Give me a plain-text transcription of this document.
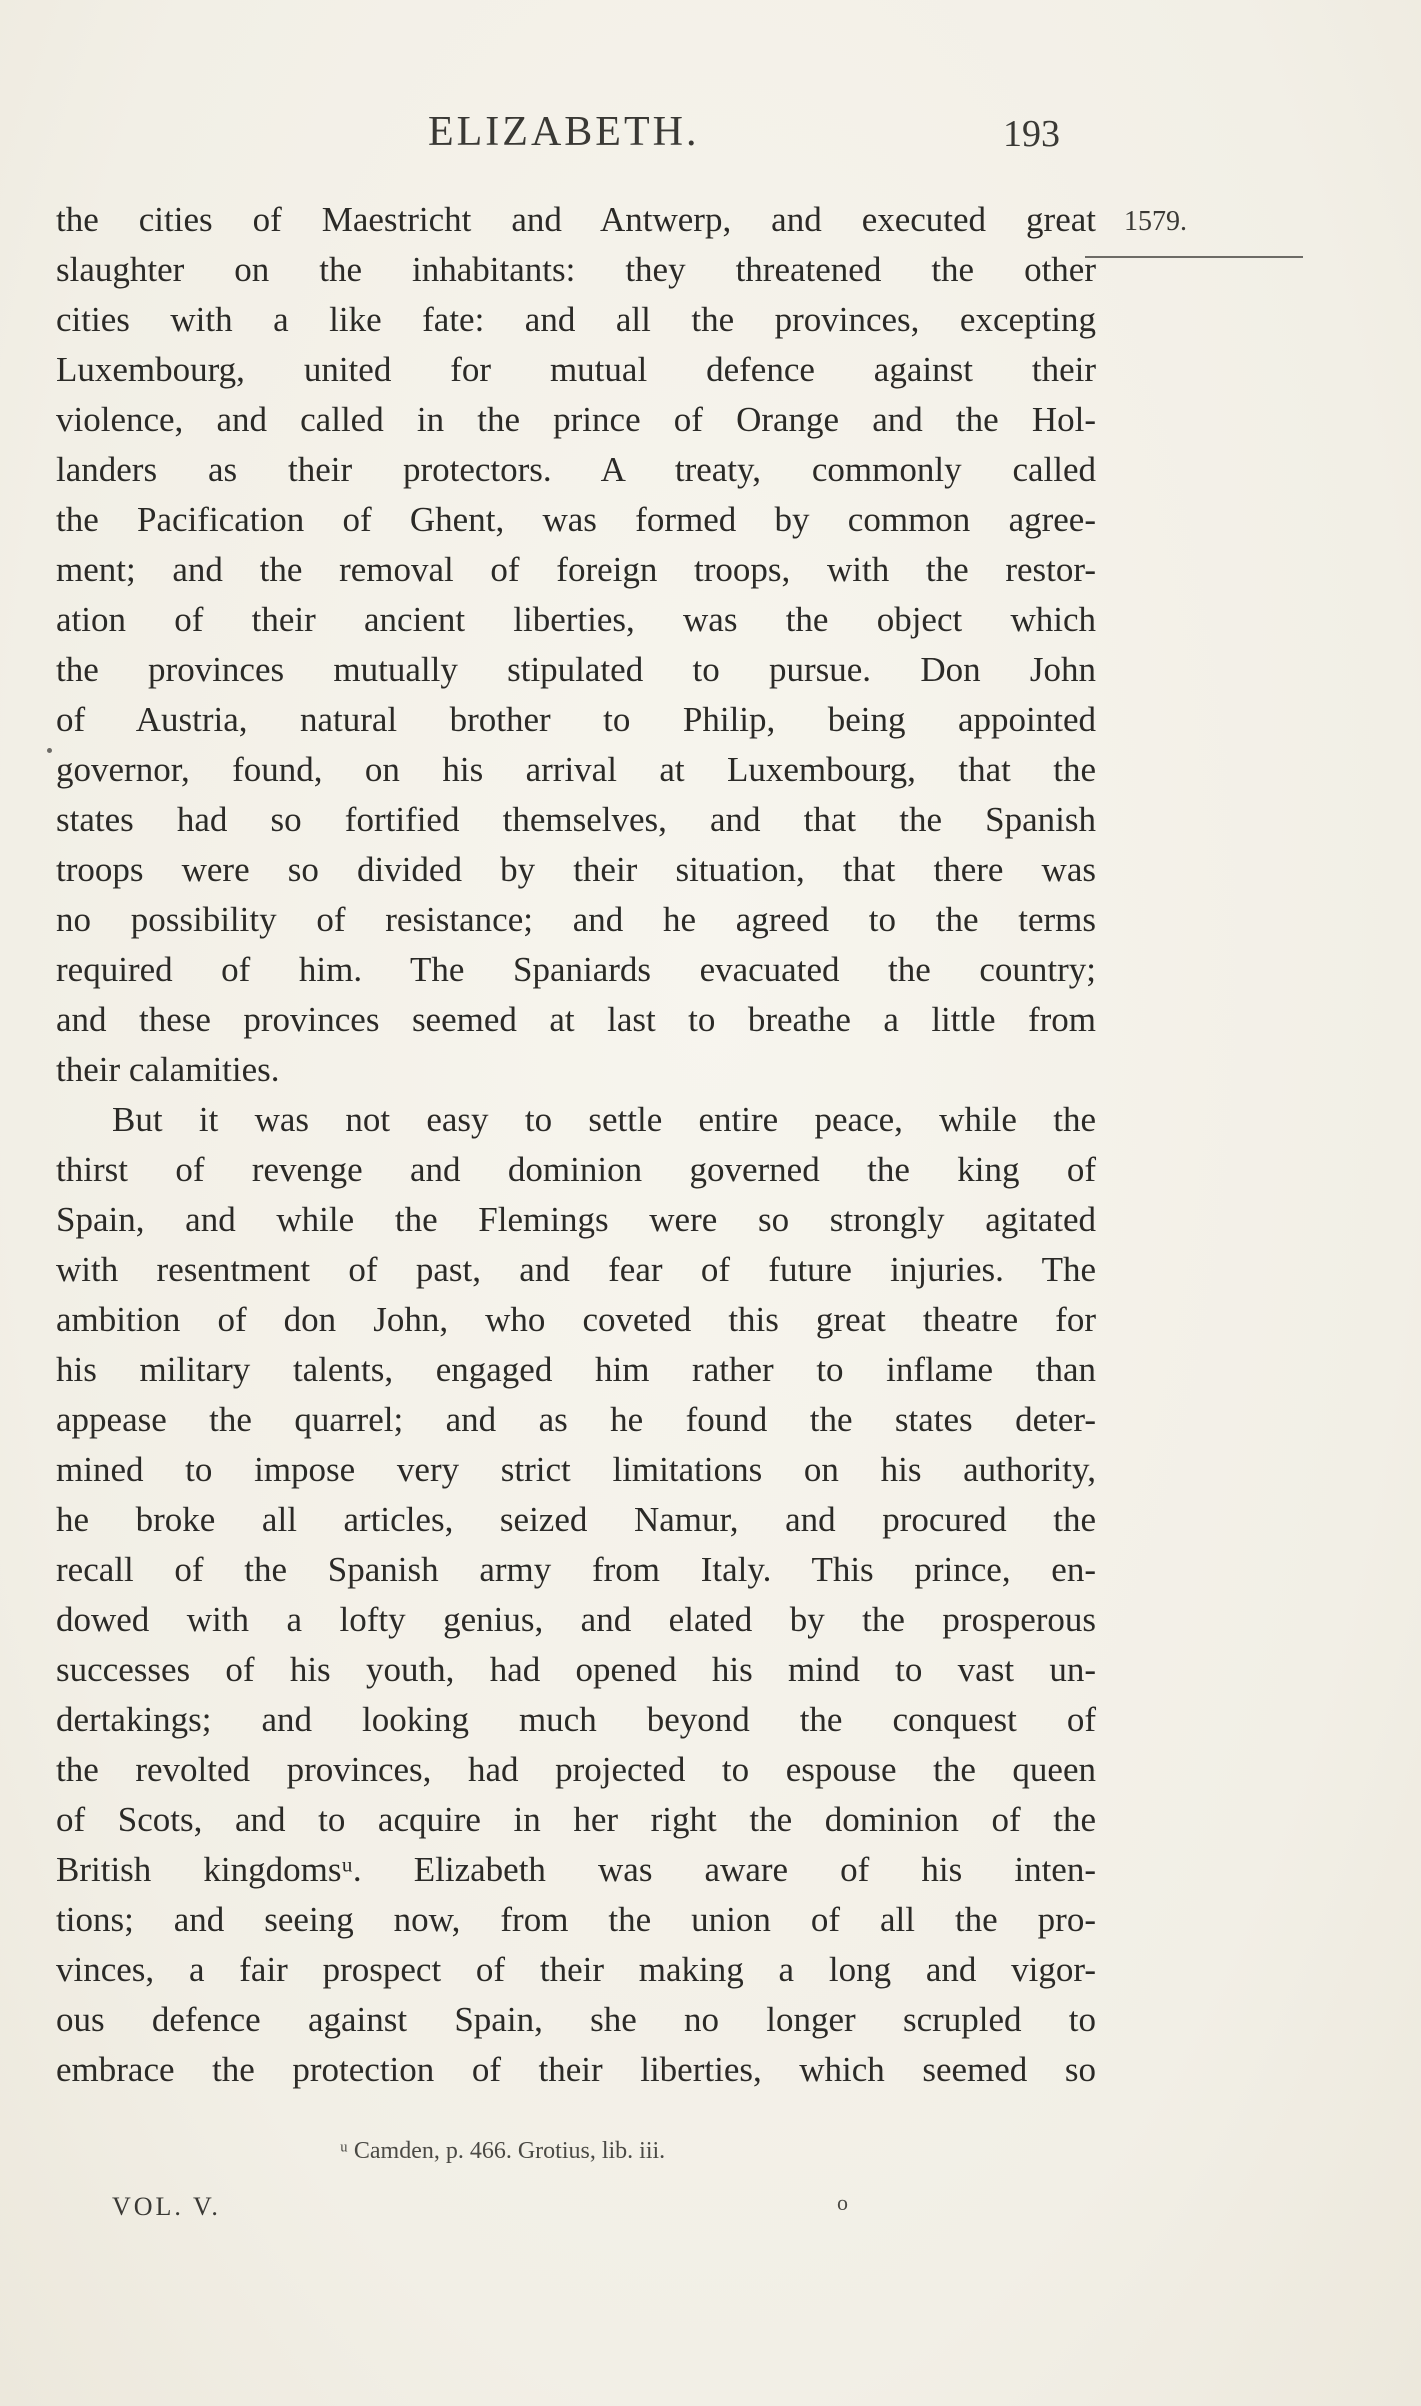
ELIZABETH.	193
1579.
the cities of Maestricht and Antwerp, and executed great
slaughter on the inhabitants: they threatened the other
cities with a like fate: and all the provinces, excepting
Luxembourg, united for mutual defence against their
violence, and called in the prince of Orange and the Hol-
landers as their protectors. A treaty, commonly called
the Pacification of Ghent, was formed by common agree-
ment; and the removal of foreign troops, with the restor-
ation of their ancient liberties, was the object which
the provinces mutually stipulated to pursue. Don John
of Austria, natural brother to Philip, being appointed
governor, found, on his arrival at Luxembourg, that the
states had so fortified themselves, and that the Spanish
troops were so divided by their situation, that there was
no possibility of resistance; and he agreed to the terms
required of him. The Spaniards evacuated the country;
and these provinces seemed at last to breathe a little from
their calamities.
But it was not easy to settle entire peace, while the
thirst of revenge and dominion governed the king of
Spain, and while the Flemings were so strongly agitated
with resentment of past, and fear of future injuries. The
ambition of don John, who coveted this great theatre for
his military talents, engaged him rather to inflame than
appease the quarrel; and as he found the states deter-
mined to impose very strict limitations on his authority,
he broke all articles, seized Namur, and procured the
recall of the Spanish army from Italy. This prince, en-
dowed with a lofty genius, and elated by the prosperous
successes of his youth, had opened his mind to vast un-
dertakings; and looking much beyond the conquest of
the revolted provinces, had projected to espouse the queen
of Scots, and to acquire in her right the dominion of the
British kingdomsᵘ. Elizabeth was aware of his inten-
tions; and seeing now, from the union of all the pro-
vinces, a fair prospect of their making a long and vigor-
ous defence against Spain, she no longer scrupled to
embrace the protection of their liberties, which seemed so
ᵘ Camden, p. 466. Grotius, lib. iii.
VOL. V.	o
